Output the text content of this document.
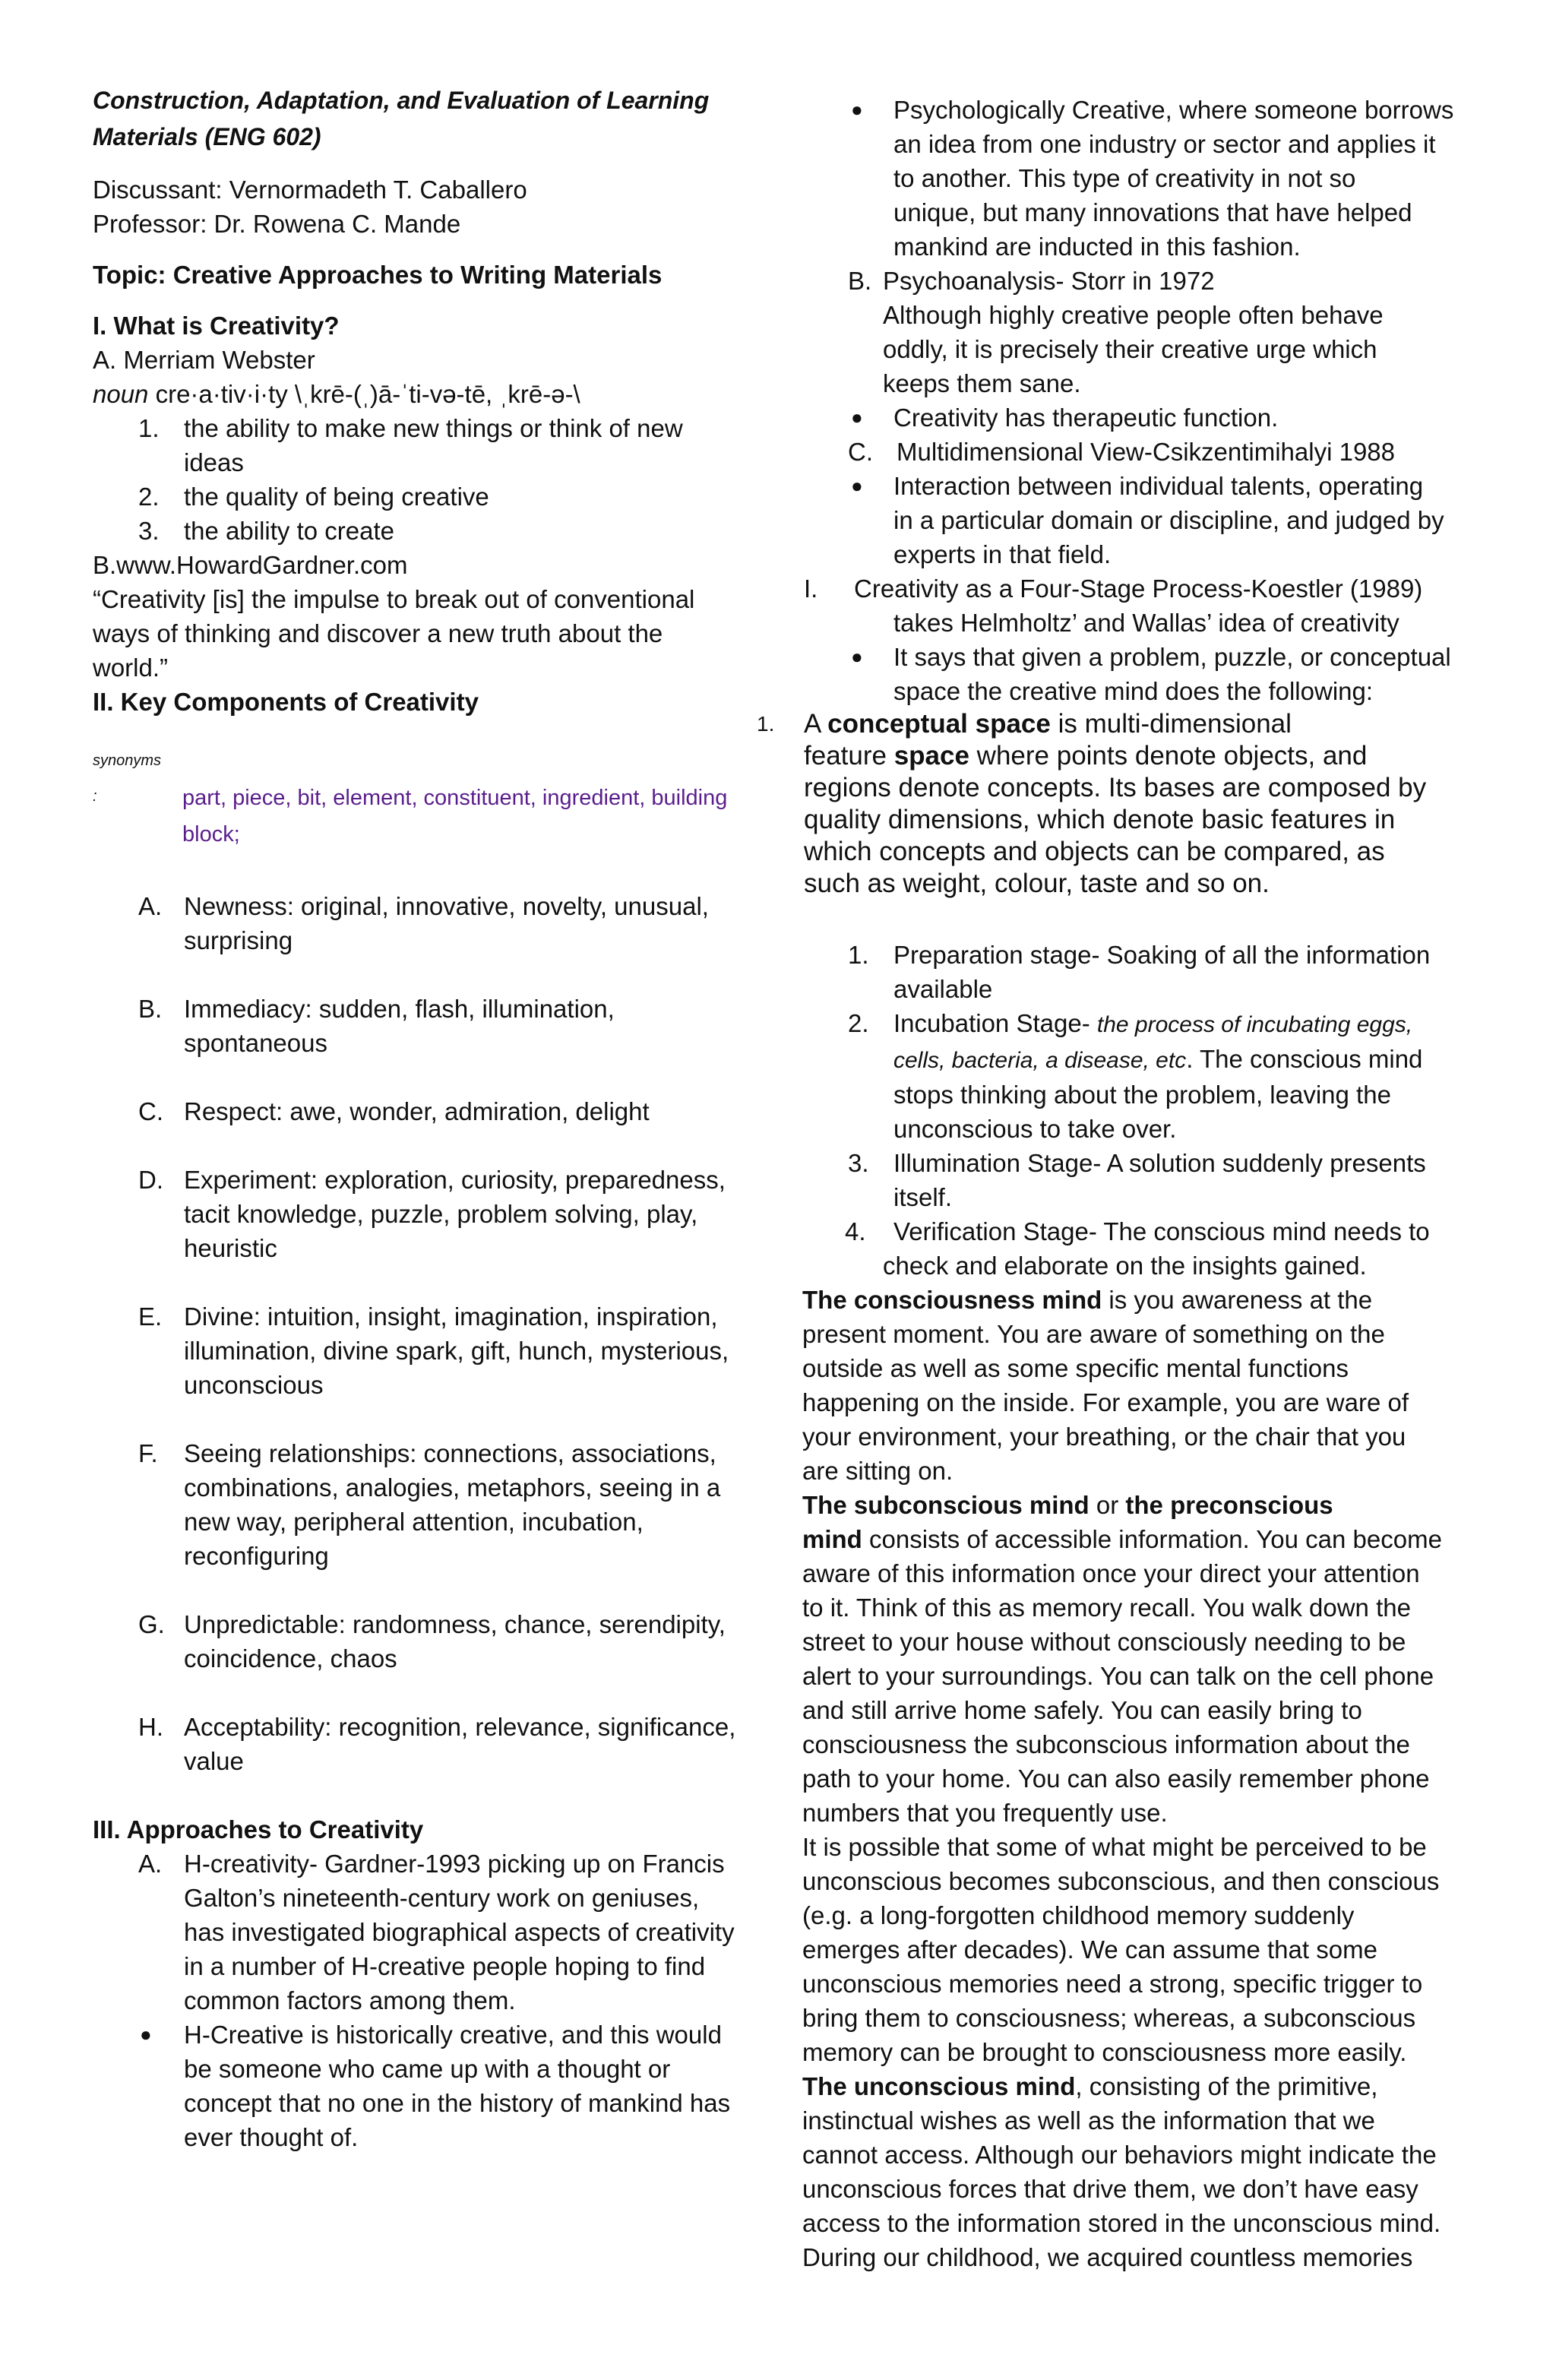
Construction, Adaptation, and Evaluation of Learning
Materials (ENG 602)
Discussant: Vernormadeth T. Caballero
Professor: Dr. Rowena C. Mande
Topic: Creative Approaches to Writing Materials
I. What is Creativity?
A. Merriam Webster
noun cre·a·tiv·i·ty \ˌkrē-(ˌ)ā-ˈti-və-tē, ˌkrē-ə-\
1. the ability to make new things or think of new
ideas
2. the quality of being creative
3. the ability to create
B.www.HowardGardner.com
“Creativity [is] the impulse to break out of conventional
ways of thinking and discover a new truth about the
world.”
II. Key Components of Creativity
synonyms
:	part, piece, bit, element, constituent, ingredient, building
block;
A. Newness: original, innovative, novelty, unusual,
surprising
B. Immediacy: sudden, flash, illumination,
spontaneous
C. Respect: awe, wonder, admiration, delight
D. Experiment: exploration, curiosity, preparedness,
tacit knowledge, puzzle, problem solving, play,
heuristic
E. Divine: intuition, insight, imagination, inspiration,
illumination, divine spark, gift, hunch, mysterious,
unconscious
F. Seeing relationships: connections, associations,
combinations, analogies, metaphors, seeing in a
new way, peripheral attention, incubation,
reconfiguring
G. Unpredictable: randomness, chance, serendipity,
coincidence, chaos
H. Acceptability: recognition, relevance, significance,
value
III. Approaches to Creativity
A. H-creativity- Gardner-1993 picking up on Francis
Galton’s nineteenth-century work on geniuses,
has investigated biographical aspects of creativity
in a number of H-creative people hoping to find
common factors among them.
● H-Creative is historically creative, and this would
be someone who came up with a thought or
concept that no one in the history of mankind has
ever thought of.
● Psychologically Creative, where someone borrows
an idea from one industry or sector and applies it
to another. This type of creativity in not so
unique, but many innovations that have helped
mankind are inducted in this fashion.
B. Psychoanalysis- Storr in 1972
Although highly creative people often behave
oddly, it is precisely their creative urge which
keeps them sane.
● Creativity has therapeutic function.
C. Multidimensional View-Csikzentimihalyi 1988
● Interaction between individual talents, operating
in a particular domain or discipline, and judged by
experts in that field.
I. Creativity as a Four-Stage Process-Koestler (1989)
takes Helmholtz’ and Wallas’ idea of creativity
● It says that given a problem, puzzle, or conceptual
space the creative mind does the following:
1. A conceptual space is multi-dimensional
feature space where points denote objects, and
regions denote concepts. Its bases are composed by
quality dimensions, which denote basic features in
which concepts and objects can be compared, as
such as weight, colour, taste and so on.
1. Preparation stage- Soaking of all the information
available
2. Incubation Stage- the process of incubating eggs,
cells, bacteria, a disease, etc. The conscious mind
stops thinking about the problem, leaving the
unconscious to take over.
3. Illumination Stage- A solution suddenly presents
itself.
4. Verification Stage- The conscious mind needs to
check and elaborate on the insights gained.
The consciousness mind is you awareness at the
present moment. You are aware of something on the
outside as well as some specific mental functions
happening on the inside. For example, you are ware of
your environment, your breathing, or the chair that you
are sitting on.
The subconscious mind or the preconscious
mind consists of accessible information. You can become
aware of this information once your direct your attention
to it. Think of this as memory recall. You walk down the
street to your house without consciously needing to be
alert to your surroundings. You can talk on the cell phone
and still arrive home safely. You can easily bring to
consciousness the subconscious information about the
path to your home. You can also easily remember phone
numbers that you frequently use.
It is possible that some of what might be perceived to be
unconscious becomes subconscious, and then conscious
(e.g. a long-forgotten childhood memory suddenly
emerges after decades). We can assume that some
unconscious memories need a strong, specific trigger to
bring them to consciousness; whereas, a subconscious
memory can be brought to consciousness more easily.
The unconscious mind, consisting of the primitive,
instinctual wishes as well as the information that we
cannot access. Although our behaviors might indicate the
unconscious forces that drive them, we don’t have easy
access to the information stored in the unconscious mind.
During our childhood, we acquired countless memories
